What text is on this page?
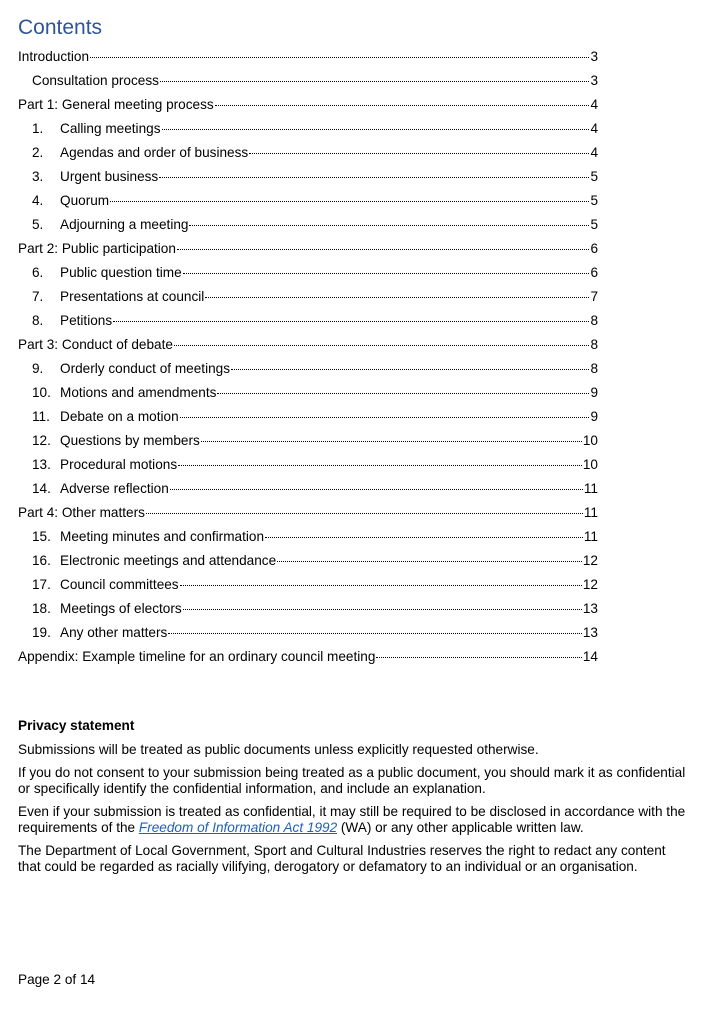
Contents
Introduction	3
Consultation process	3
Part 1: General meeting process	4
1.	Calling meetings	4
2.	Agendas and order of business	4
3.	Urgent business	5
4.	Quorum	5
5.	Adjourning a meeting	5
Part 2: Public participation	6
6.	Public question time	6
7.	Presentations at council	7
8.	Petitions	8
Part 3: Conduct of debate	8
9.	Orderly conduct of meetings	8
10. Motions and amendments	9
11. Debate on a motion	9
12. Questions by members	10
13. Procedural motions	10
14. Adverse reflection	11
Part 4: Other matters	11
15. Meeting minutes and confirmation	11
16. Electronic meetings and attendance	12
17. Council committees	12
18. Meetings of electors	13
19. Any other matters	13
Appendix: Example timeline for an ordinary council meeting	14
Privacy statement

Submissions will be treated as public documents unless explicitly requested otherwise.

If you do not consent to your submission being treated as a public document, you should mark it as confidential or specifically identify the confidential information, and include an explanation.

Even if your submission is treated as confidential, it may still be required to be disclosed in accordance with the requirements of the Freedom of Information Act 1992 (WA) or any other applicable written law.

The Department of Local Government, Sport and Cultural Industries reserves the right to redact any content that could be regarded as racially vilifying, derogatory or defamatory to an individual or an organisation.

Page 2 of 14
